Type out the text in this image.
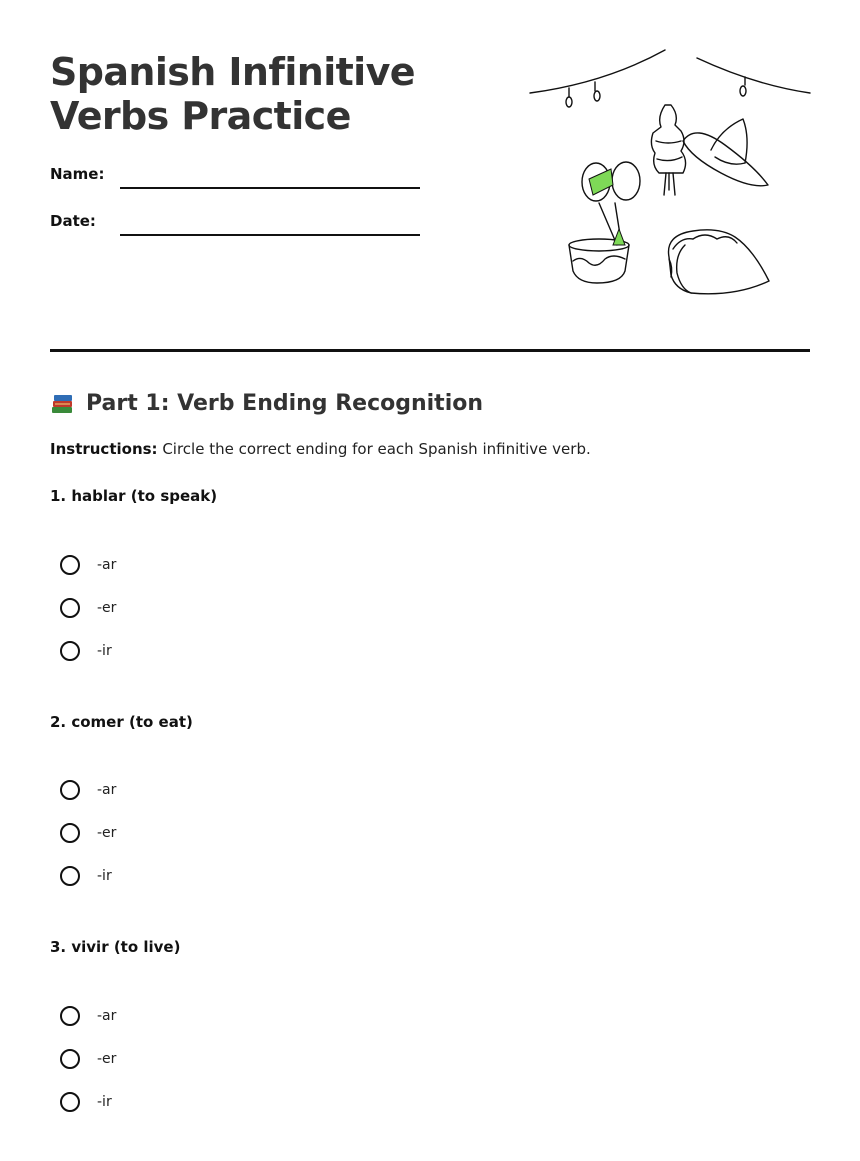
Spanish Infinitive Verbs Practice
Name:
Date:
Part 1: Verb Ending Recognition
Instructions: Circle the correct ending for each Spanish infinitive verb.
1. hablar (to speak)
-ar
-er
-ir
2. comer (to eat)
-ar
-er
-ir
3. vivir (to live)
-ar
-er
-ir
